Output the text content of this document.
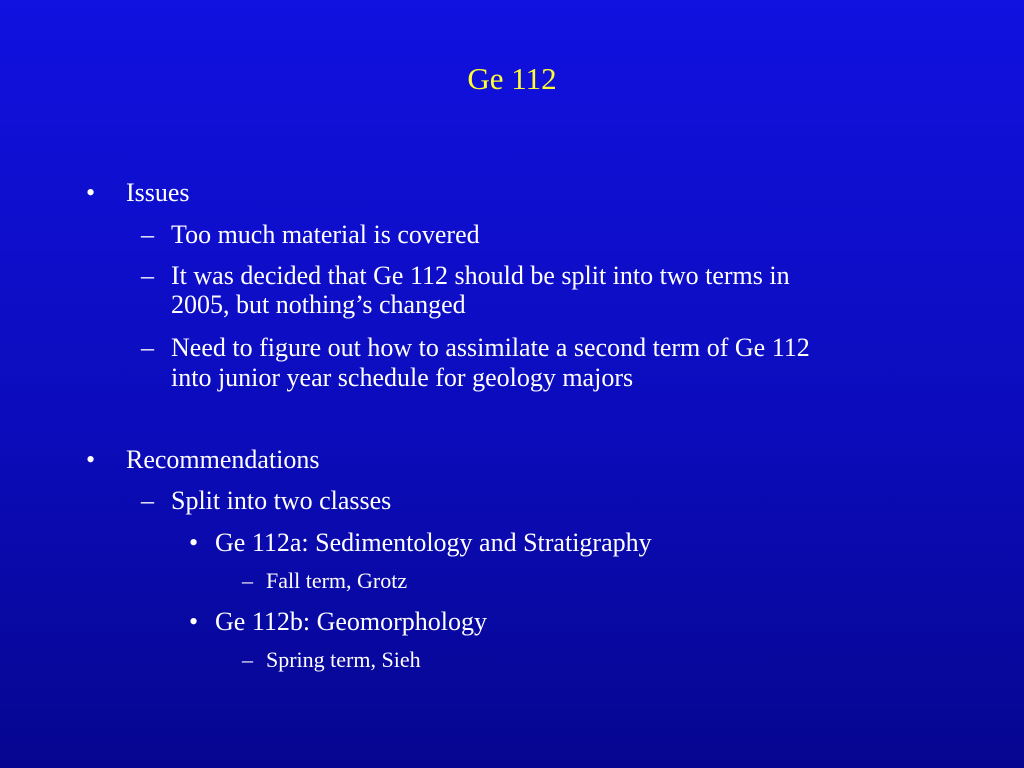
Ge 112
• Issues
– Too much material is covered
– It was decided that Ge 112 should be split into two terms in
2005, but nothing’s changed
– Need to figure out how to assimilate a second term of Ge 112
into junior year schedule for geology majors
• Recommendations
– Split into two classes
• Ge 112a: Sedimentology and Stratigraphy
– Fall term, Grotz
• Ge 112b: Geomorphology
– Spring term, Sieh
